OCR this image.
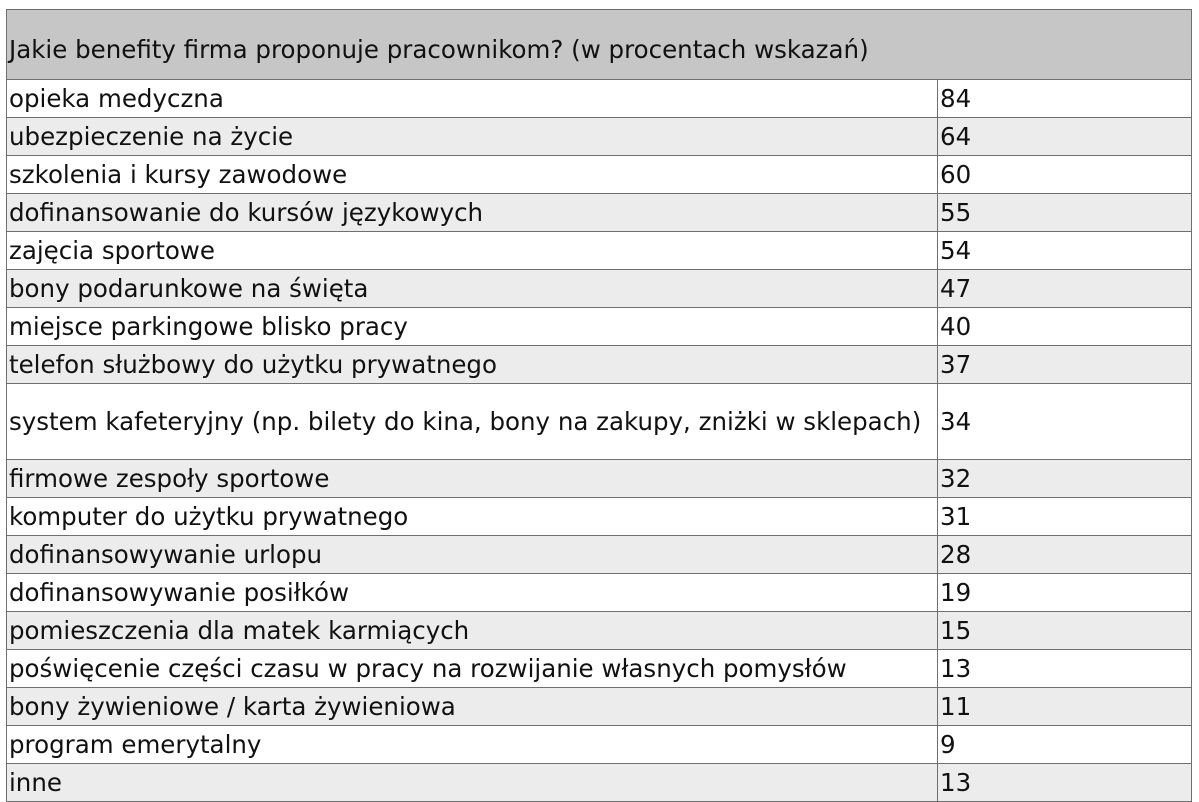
Jakie benefity firma proponuje pracownikom? (w procentach wskazań)	
opieka medyczna	84
ubezpieczenie na życie	64
szkolenia i kursy zawodowe	60
dofinansowanie do kursów językowych	55
zajęcia sportowe	54
bony podarunkowe na święta	47
miejsce parkingowe blisko pracy	40
telefon służbowy do użytku prywatnego	37
system kafeteryjny (np. bilety do kina, bony na zakupy, zniżki w sklepach)	34
firmowe zespoły sportowe	32
komputer do użytku prywatnego	31
dofinansowywanie urlopu	28
dofinansowywanie posiłków	19
pomieszczenia dla matek karmiących	15
poświęcenie części czasu w pracy na rozwijanie własnych pomysłów	13
bony żywieniowe / karta żywieniowa	11
program emerytalny	9
inne	13
